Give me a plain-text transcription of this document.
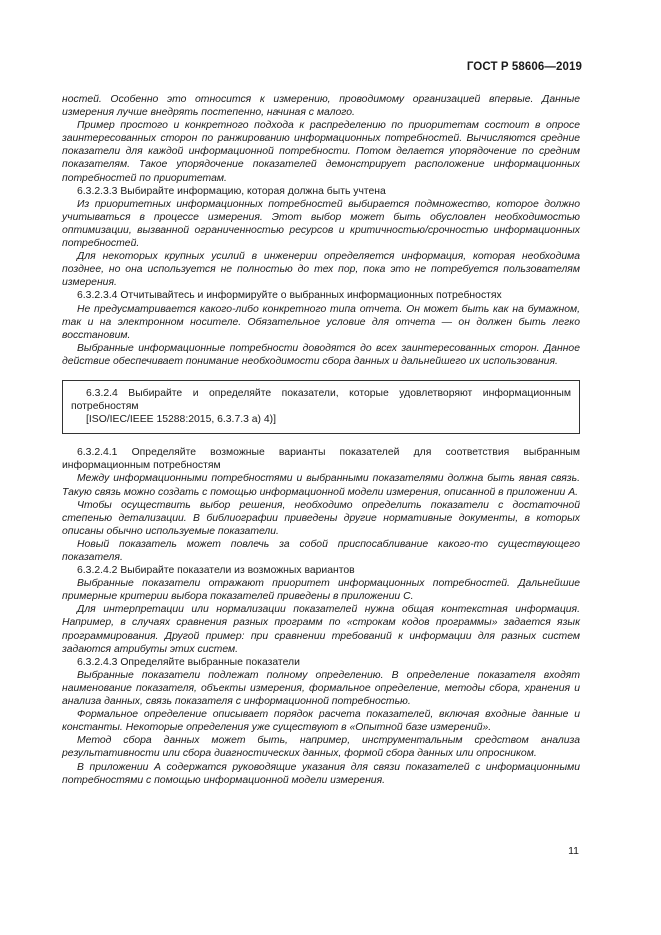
ГОСТ Р 58606—2019

ностей. Особенно это относится к измерению, проводимому организацией впервые. Данные измерения лучше внедрять постепенно, начиная с малого.

Пример простого и конкретного подхода к распределению по приоритетам состоит в опросе заинтересованных сторон по ранжированию информационных потребностей. Вычисляются средние показатели для каждой информационной потребности. Потом делается упорядочение по средним показателям. Такое упорядочение показателей демонстрирует расположение информационных потребностей по приоритетам.

6.3.2.3.3 Выбирайте информацию, которая должна быть учтена

Из приоритетных информационных потребностей выбирается подмножество, которое должно учитываться в процессе измерения. Этот выбор может быть обусловлен необходимостью оптимизации, вызванной ограниченностью ресурсов и критичностью/срочностью информационных потребностей.

Для некоторых крупных усилий в инженерии определяется информация, которая необходима позднее, но она используется не полностью до тех пор, пока это не потребуется пользователям измерения.

6.3.2.3.4 Отчитывайтесь и информируйте о выбранных информационных потребностях

Не предусматривается какого-либо конкретного типа отчета. Он может быть как на бумажном, так и на электронном носителе. Обязательное условие для отчета — он должен быть легко восстановим.

Выбранные информационные потребности доводятся до всех заинтересованных сторон. Данное действие обеспечивает понимание необходимости сбора данных и дальнейшего их использования.

6.3.2.4 Выбирайте и определяйте показатели, которые удовлетворяют информационным потребностям

[ISO/IEC/IEEE 15288:2015, 6.3.7.3 a) 4)]

6.3.2.4.1 Определяйте возможные варианты показателей для соответствия выбранным информационным потребностям

Между информационными потребностями и выбранными показателями должна быть явная связь. Такую связь можно создать с помощью информационной модели измерения, описанной в приложении А.

Чтобы осуществить выбор решения, необходимо определить показатели с достаточной степенью детализации. В библиографии приведены другие нормативные документы, в которых описаны обычно используемые показатели.

Новый показатель может повлечь за собой приспосабливание какого-то существующего показателя.

6.3.2.4.2 Выбирайте показатели из возможных вариантов

Выбранные показатели отражают приоритет информационных потребностей. Дальнейшие примерные критерии выбора показателей приведены в приложении С.

Для интерпретации или нормализации показателей нужна общая контекстная информация. Например, в случаях сравнения разных программ по «строкам кодов программы» задается язык программирования. Другой пример: при сравнении требований к информации для разных систем задаются атрибуты этих систем.

6.3.2.4.3 Определяйте выбранные показатели

Выбранные показатели подлежат полному определению. В определение показателя входят наименование показателя, объекты измерения, формальное определение, методы сбора, хранения и анализа данных, связь показателя с информационной потребностью.

Формальное определение описывает порядок расчета показателей, включая входные данные и константы. Некоторые определения уже существуют в «Опытной базе измерений».

Метод сбора данных может быть, например, инструментальным средством анализа результативности или сбора диагностических данных, формой сбора данных или опросником.

В приложении А содержатся руководящие указания для связи показателей с информационными потребностями с помощью информационной модели измерения.

11
